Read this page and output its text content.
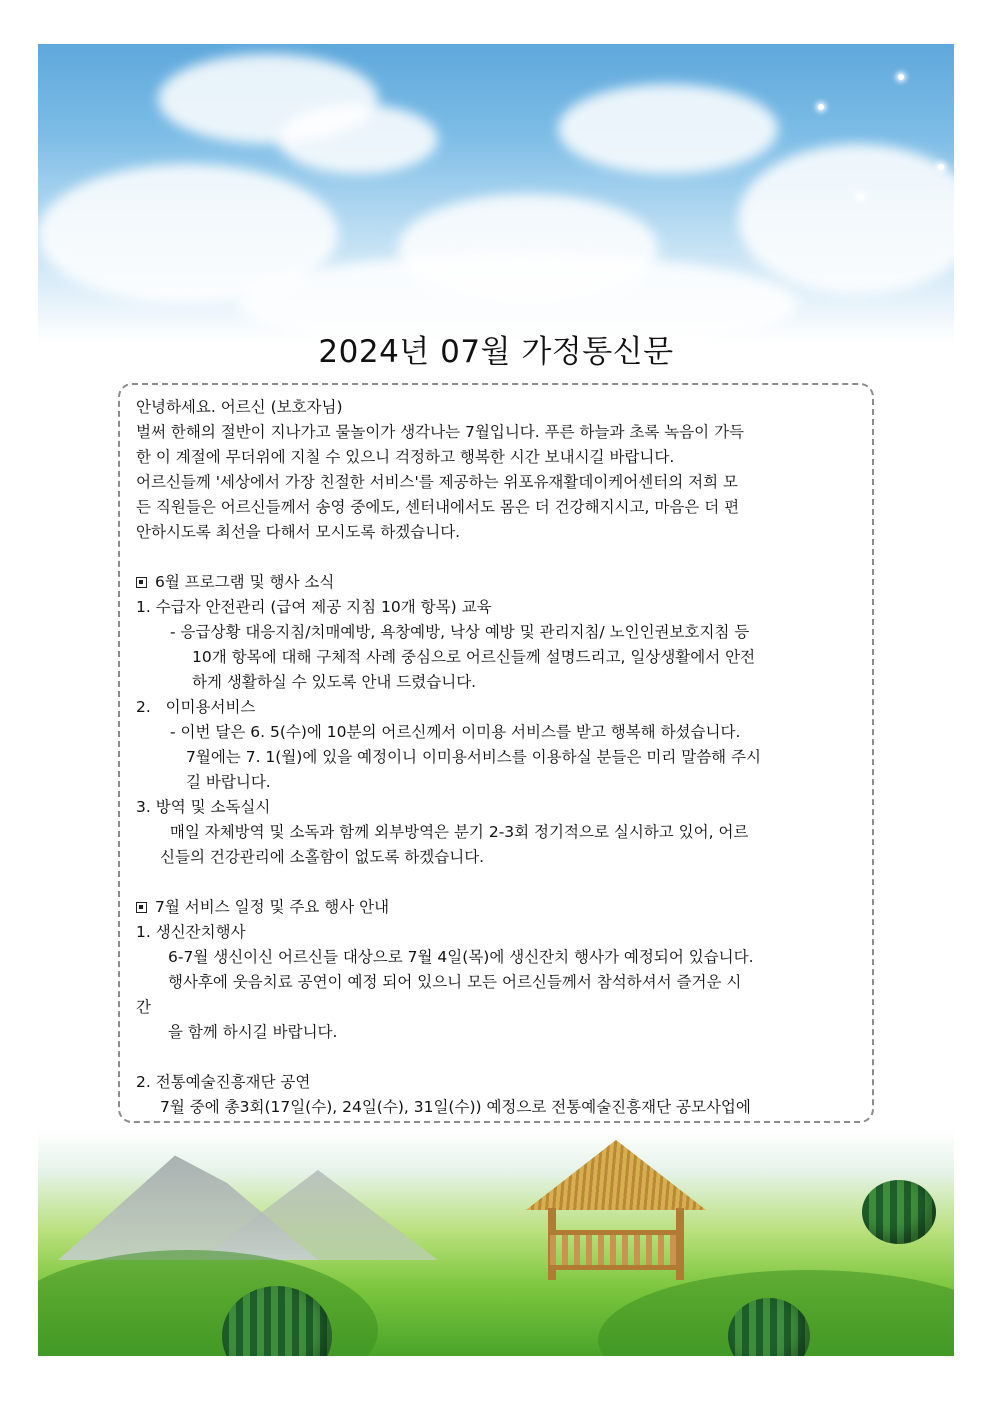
2024년 07월 가정통신문
안녕하세요. 어르신 (보호자님)
벌써 한해의 절반이 지나가고 물놀이가 생각나는 7월입니다. 푸른 하늘과 초록 녹음이 가득
한 이 계절에 무더위에 지칠 수 있으니 걱정하고 행복한 시간 보내시길 바랍니다.
어르신들께 '세상에서 가장 친절한 서비스'를 제공하는 위포유재활데이케어센터의 저희 모
든 직원들은 어르신들께서 송영 중에도, 센터내에서도 몸은 더 건강해지시고, 마음은 더 편
안하시도록 최선을 다해서 모시도록 하겠습니다.
6월 프로그램 및 행사 소식
1. 수급자 안전관리 (급여 제공 지침 10개 항목) 교육
- 응급상황 대응지침/치매예방, 욕창예방, 낙상 예방 및 관리지침/ 노인인권보호지침 등
10개 항목에 대해 구체적 사례 중심으로 어르신들께 설명드리고, 일상생활에서 안전
하게 생활하실 수 있도록 안내 드렸습니다.
2.   이미용서비스
- 이번 달은 6. 5(수)에 10분의 어르신께서 이미용 서비스를 받고 행복해 하셨습니다.
7월에는 7. 1(월)에 있을 예정이니 이미용서비스를 이용하실 분들은 미리 말씀해 주시
길 바랍니다.
3. 방역 및 소독실시
매일 자체방역 및 소독과 함께 외부방역은 분기 2-3회 정기적으로 실시하고 있어, 어르
신들의 건강관리에 소홀함이 없도록 하겠습니다.
7월 서비스 일정 및 주요 행사 안내
1. 생신잔치행사
6-7월 생신이신 어르신들 대상으로 7월 4일(목)에 생신잔치 행사가 예정되어 있습니다.
행사후에 웃음치료 공연이 예정 되어 있으니 모든 어르신들께서 참석하셔서 즐거운 시
간
을 함께 하시길 바랍니다.
2. 전통예술진흥재단 공연
7월 중에 총3회(17일(수), 24일(수), 31일(수)) 예정으로 전통예술진흥재단 공모사업에
